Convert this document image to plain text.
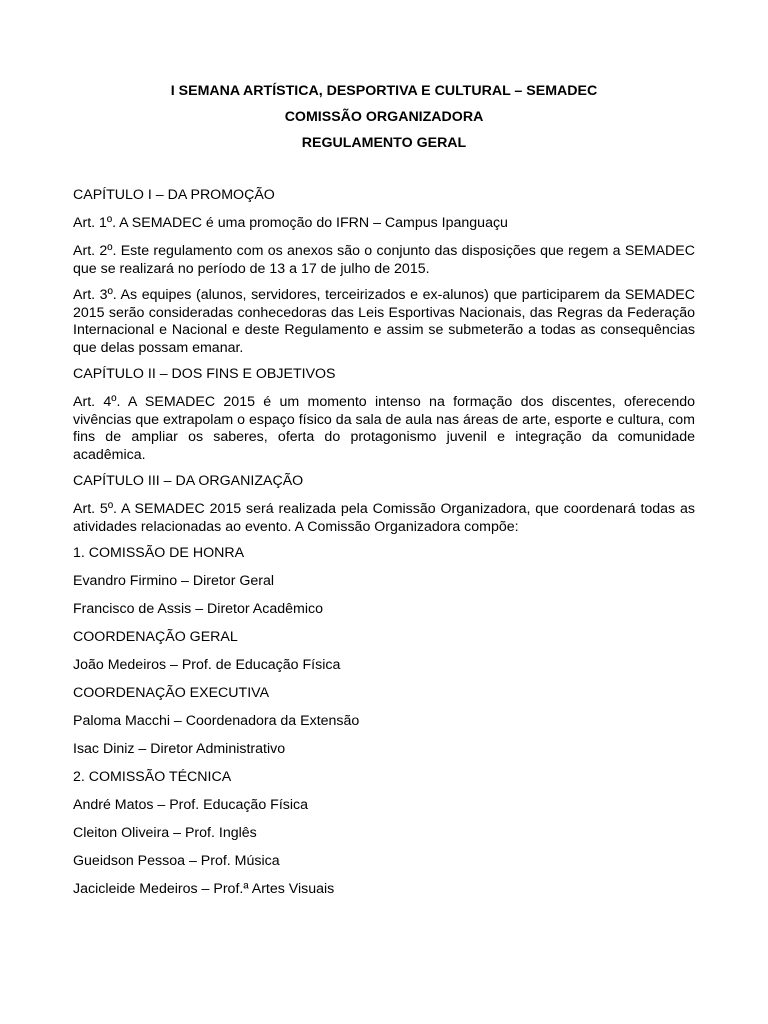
I SEMANA ARTÍSTICA, DESPORTIVA E CULTURAL – SEMADEC
COMISSÃO ORGANIZADORA
REGULAMENTO GERAL

CAPÍTULO I – DA PROMOÇÃO

Art. 1º. A SEMADEC é uma promoção do IFRN – Campus Ipanguaçu

Art. 2º. Este regulamento com os anexos são o conjunto das disposições que regem a SEMADEC que se realizará no período de 13 a 17 de julho de 2015.

Art. 3º. As equipes (alunos, servidores, terceirizados e ex-alunos) que participarem da SEMADEC 2015 serão consideradas conhecedoras das Leis Esportivas Nacionais, das Regras da Federação Internacional e Nacional e deste Regulamento e assim se submeterão a todas as consequências que delas possam emanar.

CAPÍTULO II – DOS FINS E OBJETIVOS

Art. 4º. A SEMADEC 2015 é um momento intenso na formação dos discentes, oferecendo vivências que extrapolam o espaço físico da sala de aula nas áreas de arte, esporte e cultura, com fins de ampliar os saberes, oferta do protagonismo juvenil e integração da comunidade acadêmica.

CAPÍTULO III – DA ORGANIZAÇÃO

Art. 5º. A SEMADEC 2015 será realizada pela Comissão Organizadora, que coordenará todas as atividades relacionadas ao evento. A Comissão Organizadora compõe:

1. COMISSÃO DE HONRA

Evandro Firmino – Diretor Geral

Francisco de Assis – Diretor Acadêmico

COORDENAÇÃO GERAL

João Medeiros – Prof. de Educação Física

COORDENAÇÃO EXECUTIVA

Paloma Macchi – Coordenadora da Extensão

Isac Diniz – Diretor Administrativo

2. COMISSÃO TÉCNICA

André Matos – Prof. Educação Física

Cleiton Oliveira – Prof. Inglês

Gueidson Pessoa – Prof. Música

Jacicleide Medeiros – Prof.ª Artes Visuais
